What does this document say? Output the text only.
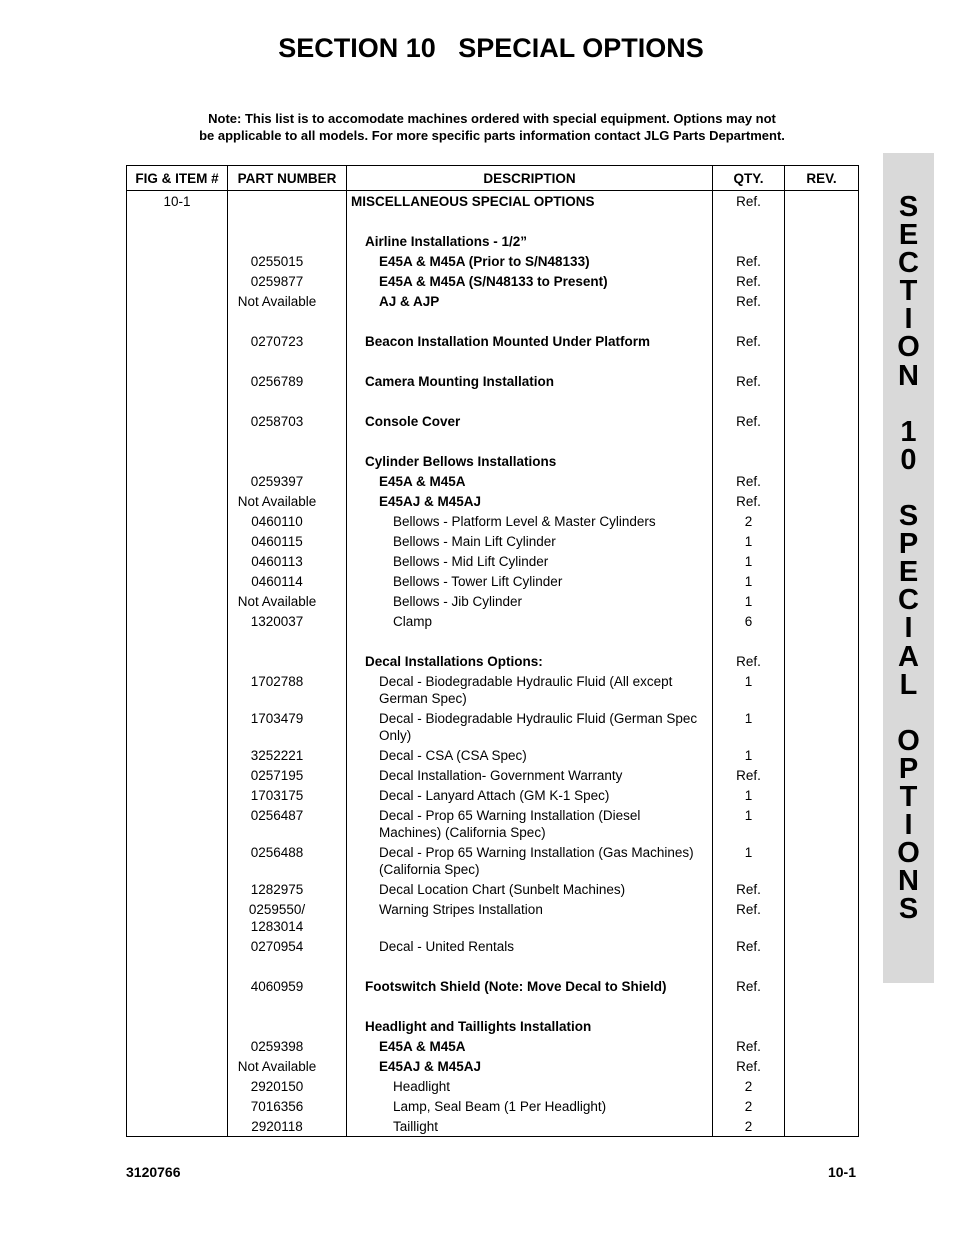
SECTION 10   SPECIAL OPTIONS
Note: This list is to accomodate machines ordered with special equipment. Options may not
be applicable to all models. For more specific parts information contact JLG Parts Department.
FIG & ITEM #	PART NUMBER	DESCRIPTION	QTY.	REV.
10-1		MISCELLANEOUS SPECIAL OPTIONS	Ref.	

		Airline Installations - 1/2”		
	0255015	E45A & M45A (Prior to S/N48133)	Ref.	
	0259877	E45A & M45A (S/N48133 to Present)	Ref.	
	Not Available	AJ & AJP	Ref.	

	0270723	Beacon Installation Mounted Under Platform	Ref.	

	0256789	Camera Mounting Installation	Ref.	

	0258703	Console Cover	Ref.	

		Cylinder Bellows Installations		
	0259397	E45A & M45A	Ref.	
	Not Available	E45AJ & M45AJ	Ref.	
	0460110	Bellows - Platform Level & Master Cylinders	2	
	0460115	Bellows - Main Lift Cylinder	1	
	0460113	Bellows - Mid Lift Cylinder	1	
	0460114	Bellows - Tower Lift Cylinder	1	
	Not Available	Bellows - Jib Cylinder	1	
	1320037	Clamp	6	

		Decal Installations Options:	Ref.	
	1702788	Decal - Biodegradable Hydraulic Fluid (All except German Spec)	1	
	1703479	Decal - Biodegradable Hydraulic Fluid (German Spec Only)	1	
	3252221	Decal - CSA (CSA Spec)	1	
	0257195	Decal Installation- Government Warranty	Ref.	
	1703175	Decal - Lanyard Attach (GM K-1 Spec)	1	
	0256487	Decal - Prop 65 Warning Installation (Diesel Machines) (California Spec)	1	
	0256488	Decal - Prop 65 Warning Installation (Gas Machines) (California Spec)	1	
	1282975	Decal Location Chart (Sunbelt Machines)	Ref.	
	0259550/ 1283014	Warning Stripes Installation	Ref.	
	0270954	Decal - United Rentals	Ref.	

	4060959	Footswitch Shield (Note: Move Decal to Shield)	Ref.	

		Headlight and Taillights Installation		
	0259398	E45A & M45A	Ref.	
	Not Available	E45AJ & M45AJ	Ref.	
	2920150	Headlight	2	
	7016356	Lamp, Seal Beam (1 Per Headlight)	2	
	2920118	Taillight	2	
S
E
C
T
I
O
N
1
0
S
P
E
C
I
A
L
O
P
T
I
O
N
S
3120766	10-1
